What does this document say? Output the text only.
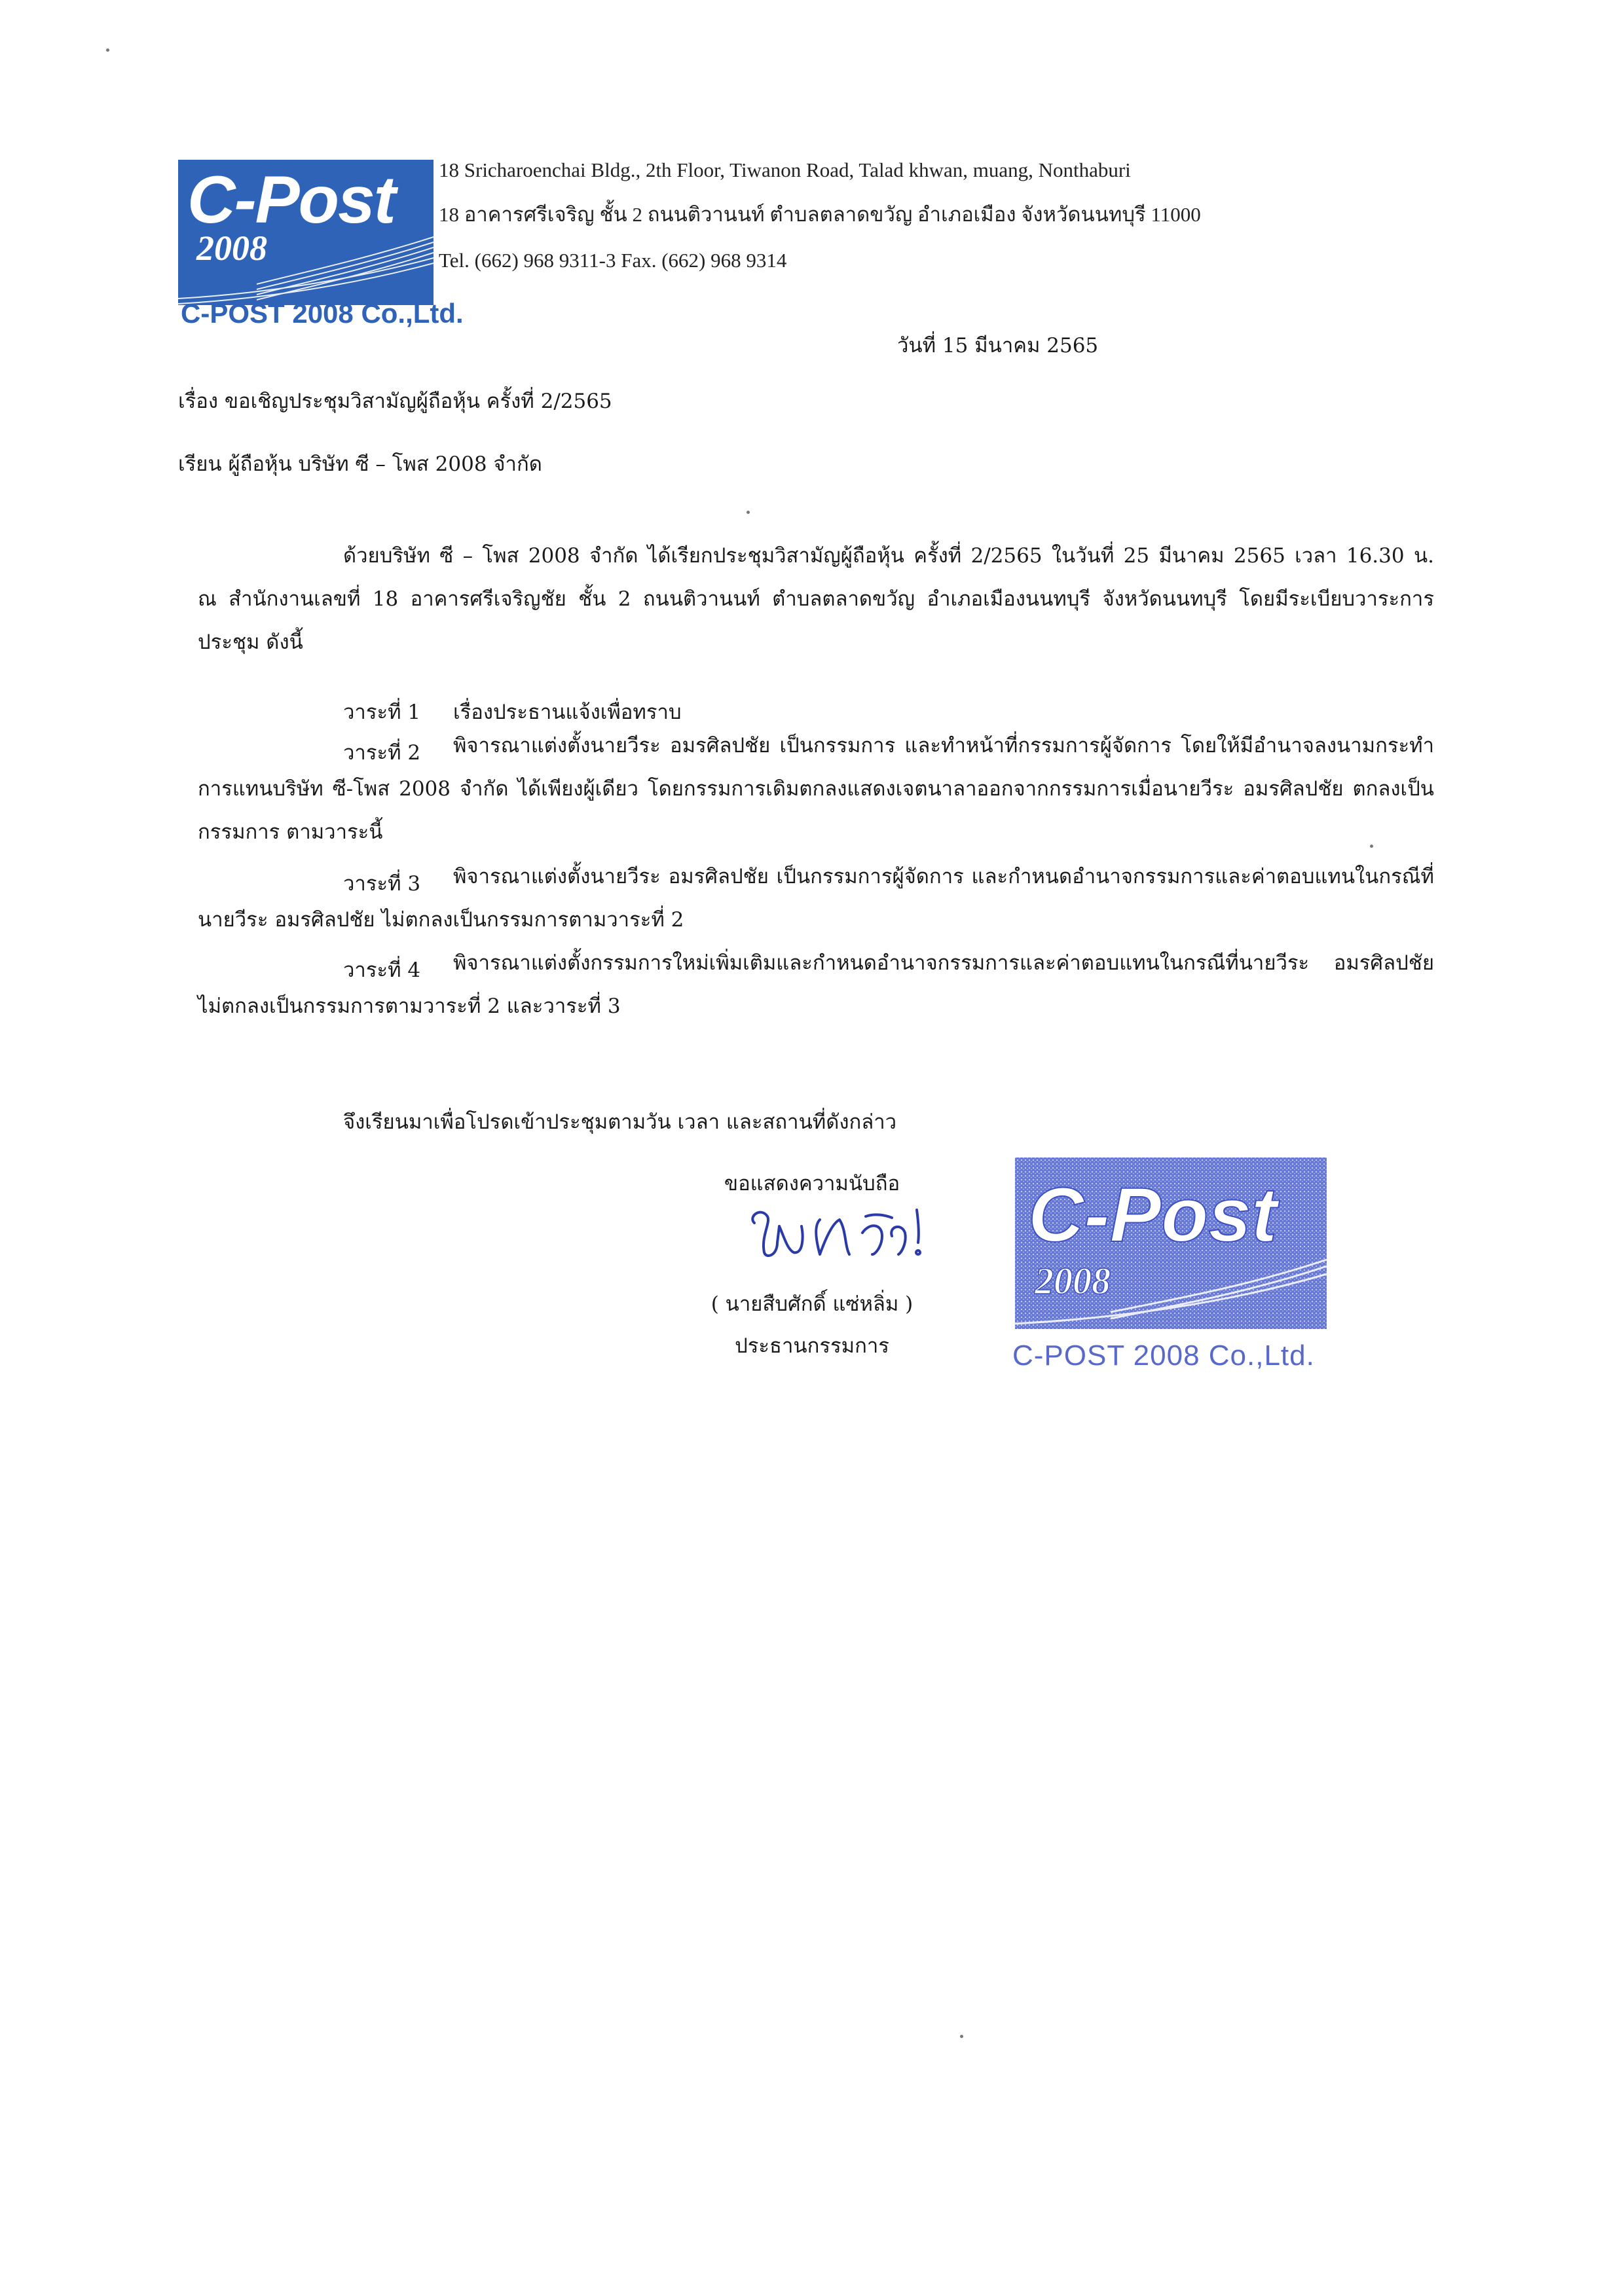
C-Post
2008
C-POST 2008 Co.,Ltd.
18 Sricharoenchai Bldg., 2th Floor, Tiwanon Road, Talad khwan, muang, Nonthaburi
18 อาคารศรีเจริญ ชั้น 2 ถนนติวานนท์ ตำบลตลาดขวัญ อำเภอเมือง จังหวัดนนทบุรี 11000
Tel. (662) 968 9311-3 Fax. (662) 968 9314
วันที่ 15 มีนาคม 2565
เรื่อง ขอเชิญประชุมวิสามัญผู้ถือหุ้น ครั้งที่ 2/2565
เรียน ผู้ถือหุ้น บริษัท ซี – โพส 2008 จำกัด
ด้วยบริษัท ซี – โพส 2008 จำกัด ได้เรียกประชุมวิสามัญผู้ถือหุ้น ครั้งที่ 2/2565 ในวันที่ 25 มีนาคม 2565 เวลา 16.30 น.
ณ สำนักงานเลขที่ 18 อาคารศรีเจริญชัย ชั้น 2 ถนนติวานนท์ ตำบลตลาดขวัญ อำเภอเมืองนนทบุรี จังหวัดนนทบุรี โดยมีระเบียบวาระการ
ประชุม ดังนี้
วาระที่ 1 เรื่องประธานแจ้งเพื่อทราบ
วาระที่ 2 พิจารณาแต่งตั้งนายวีระ อมรศิลปชัย เป็นกรรมการ และทำหน้าที่กรรมการผู้จัดการ โดยให้มีอำนาจลงนามกระทำ
การแทนบริษัท ซี-โพส 2008 จำกัด ได้เพียงผู้เดียว โดยกรรมการเดิมตกลงแสดงเจตนาลาออกจากกรรมการเมื่อนายวีระ อมรศิลปชัย ตกลงเป็น
กรรมการ ตามวาระนี้
วาระที่ 3 พิจารณาแต่งตั้งนายวีระ อมรศิลปชัย เป็นกรรมการผู้จัดการ และกำหนดอำนาจกรรมการและค่าตอบแทนในกรณีที่
นายวีระ อมรศิลปชัย ไม่ตกลงเป็นกรรมการตามวาระที่ 2
วาระที่ 4 พิจารณาแต่งตั้งกรรมการใหม่เพิ่มเติมและกำหนดอำนาจกรรมการและค่าตอบแทนในกรณีที่นายวีระ อมรศิลปชัย
ไม่ตกลงเป็นกรรมการตามวาระที่ 2 และวาระที่ 3
จึงเรียนมาเพื่อโปรดเข้าประชุมตามวัน เวลา และสถานที่ดังกล่าว
ขอแสดงความนับถือ
( นายสืบศักดิ์ แซ่หลิ่ม )
ประธานกรรมการ
C-Post
2008
C-POST 2008 Co.,Ltd.
